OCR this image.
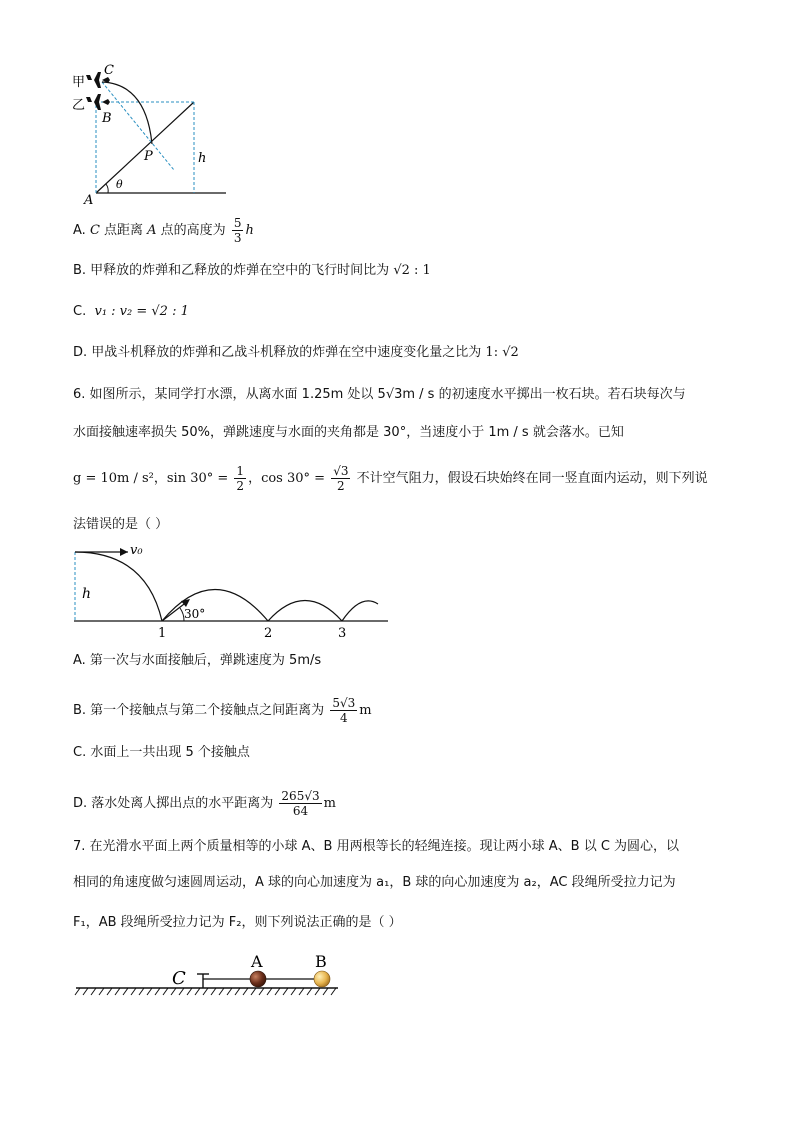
甲
乙
C
B
P
A
h
θ
A. C 点距离 A 点的高度为 $\frac{5}{3}$ h
B. 甲释放的炸弹和乙释放的炸弹在空中的飞行时间比为 √2 : 1
C. v₁ : v₂ = √2 : 1
D. 甲战斗机释放的炸弹和乙战斗机释放的炸弹在空中速度变化量之比为 1: √2
6. 如图所示，某同学打水漂，从离水面 1.25m 处以 5√3m / s 的初速度水平掷出一枚石块。若石块每次与
水面接触速率损失 50%，弹跳速度与水面的夹角都是 30°，当速度小于 1m / s 就会落水。已知
g = 10m / s²，$\sin 30^\circ = \frac{1}{2}$ ，$\cos 30^\circ = \frac{√3}{2}$ 不计空气阻力，假设石块始终在同一竖直面内运动，则下列说
法错误的是（ ）
v₀
h
30°
1	2	3
A. 第一次与水面接触后，弹跳速度为 5m/s
B. 第一个接触点与第二个接触点之间距离为 $\frac{5√3}{4}$ m
C. 水面上一共出现 5 个接触点
D. 落水处离人掷出点的水平距离为 $\frac{265√3}{64}$ m
7. 在光滑水平面上两个质量相等的小球 A、B 用两根等长的轻绳连接。现让两小球 A、B 以 C 为圆心，以
相同的角速度做匀速圆周运动，A 球的向心加速度为 a₁，B 球的向心加速度为 a₂，AC 段绳所受拉力记为
F₁，AB 段绳所受拉力记为 F₂，则下列说法正确的是（ ）
C
A	B
